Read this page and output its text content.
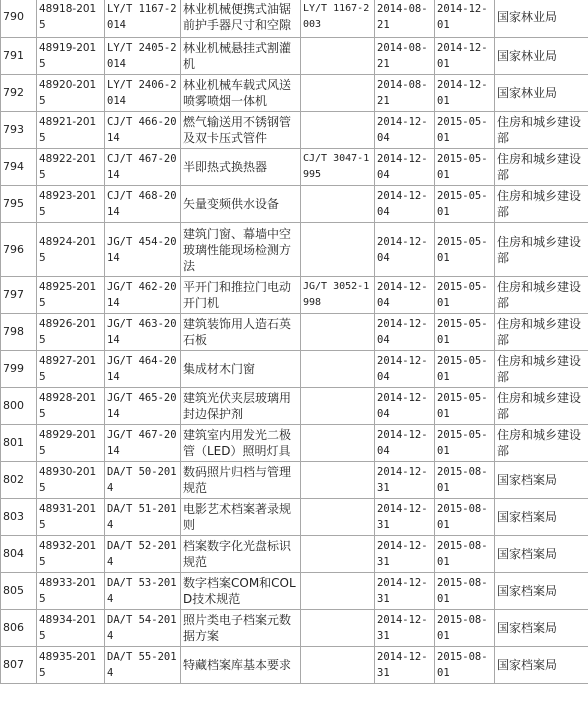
790	48918-2015	LY/T 1167-2014	林业机械便携式油锯前护手器尺寸和空隙	LY/T 1167-2003	2014-08-21	2014-12-01	国家林业局
791	48919-2015	LY/T 2405-2014	林业机械悬挂式割灌机		2014-08-21	2014-12-01	国家林业局
792	48920-2015	LY/T 2406-2014	林业机械车载式风送喷雾喷烟一体机		2014-08-21	2014-12-01	国家林业局
793	48921-2015	CJ/T 466-2014	燃气输送用不锈钢管及双卡压式管件		2014-12-04	2015-05-01	住房和城乡建设部
794	48922-2015	CJ/T 467-2014	半即热式换热器	CJ/T 3047-1995	2014-12-04	2015-05-01	住房和城乡建设部
795	48923-2015	CJ/T 468-2014	矢量变频供水设备		2014-12-04	2015-05-01	住房和城乡建设部
796	48924-2015	JG/T 454-2014	建筑门窗、幕墙中空玻璃性能现场检测方法		2014-12-04	2015-05-01	住房和城乡建设部
797	48925-2015	JG/T 462-2014	平开门和推拉门电动开门机	JG/T 3052-1998	2014-12-04	2015-05-01	住房和城乡建设部
798	48926-2015	JG/T 463-2014	建筑装饰用人造石英石板		2014-12-04	2015-05-01	住房和城乡建设部
799	48927-2015	JG/T 464-2014	集成材木门窗		2014-12-04	2015-05-01	住房和城乡建设部
800	48928-2015	JG/T 465-2014	建筑光伏夹层玻璃用封边保护剂		2014-12-04	2015-05-01	住房和城乡建设部
801	48929-2015	JG/T 467-2014	建筑室内用发光二极管（LED）照明灯具		2014-12-04	2015-05-01	住房和城乡建设部
802	48930-2015	DA/T 50-2014	数码照片归档与管理规范		2014-12-31	2015-08-01	国家档案局
803	48931-2015	DA/T 51-2014	电影艺术档案著录规则		2014-12-31	2015-08-01	国家档案局
804	48932-2015	DA/T 52-2014	档案数字化光盘标识规范		2014-12-31	2015-08-01	国家档案局
805	48933-2015	DA/T 53-2014	数字档案COM和COLD技术规范		2014-12-31	2015-08-01	国家档案局
806	48934-2015	DA/T 54-2014	照片类电子档案元数据方案		2014-12-31	2015-08-01	国家档案局
807	48935-2015	DA/T 55-2014	特藏档案库基本要求		2014-12-31	2015-08-01	国家档案局
